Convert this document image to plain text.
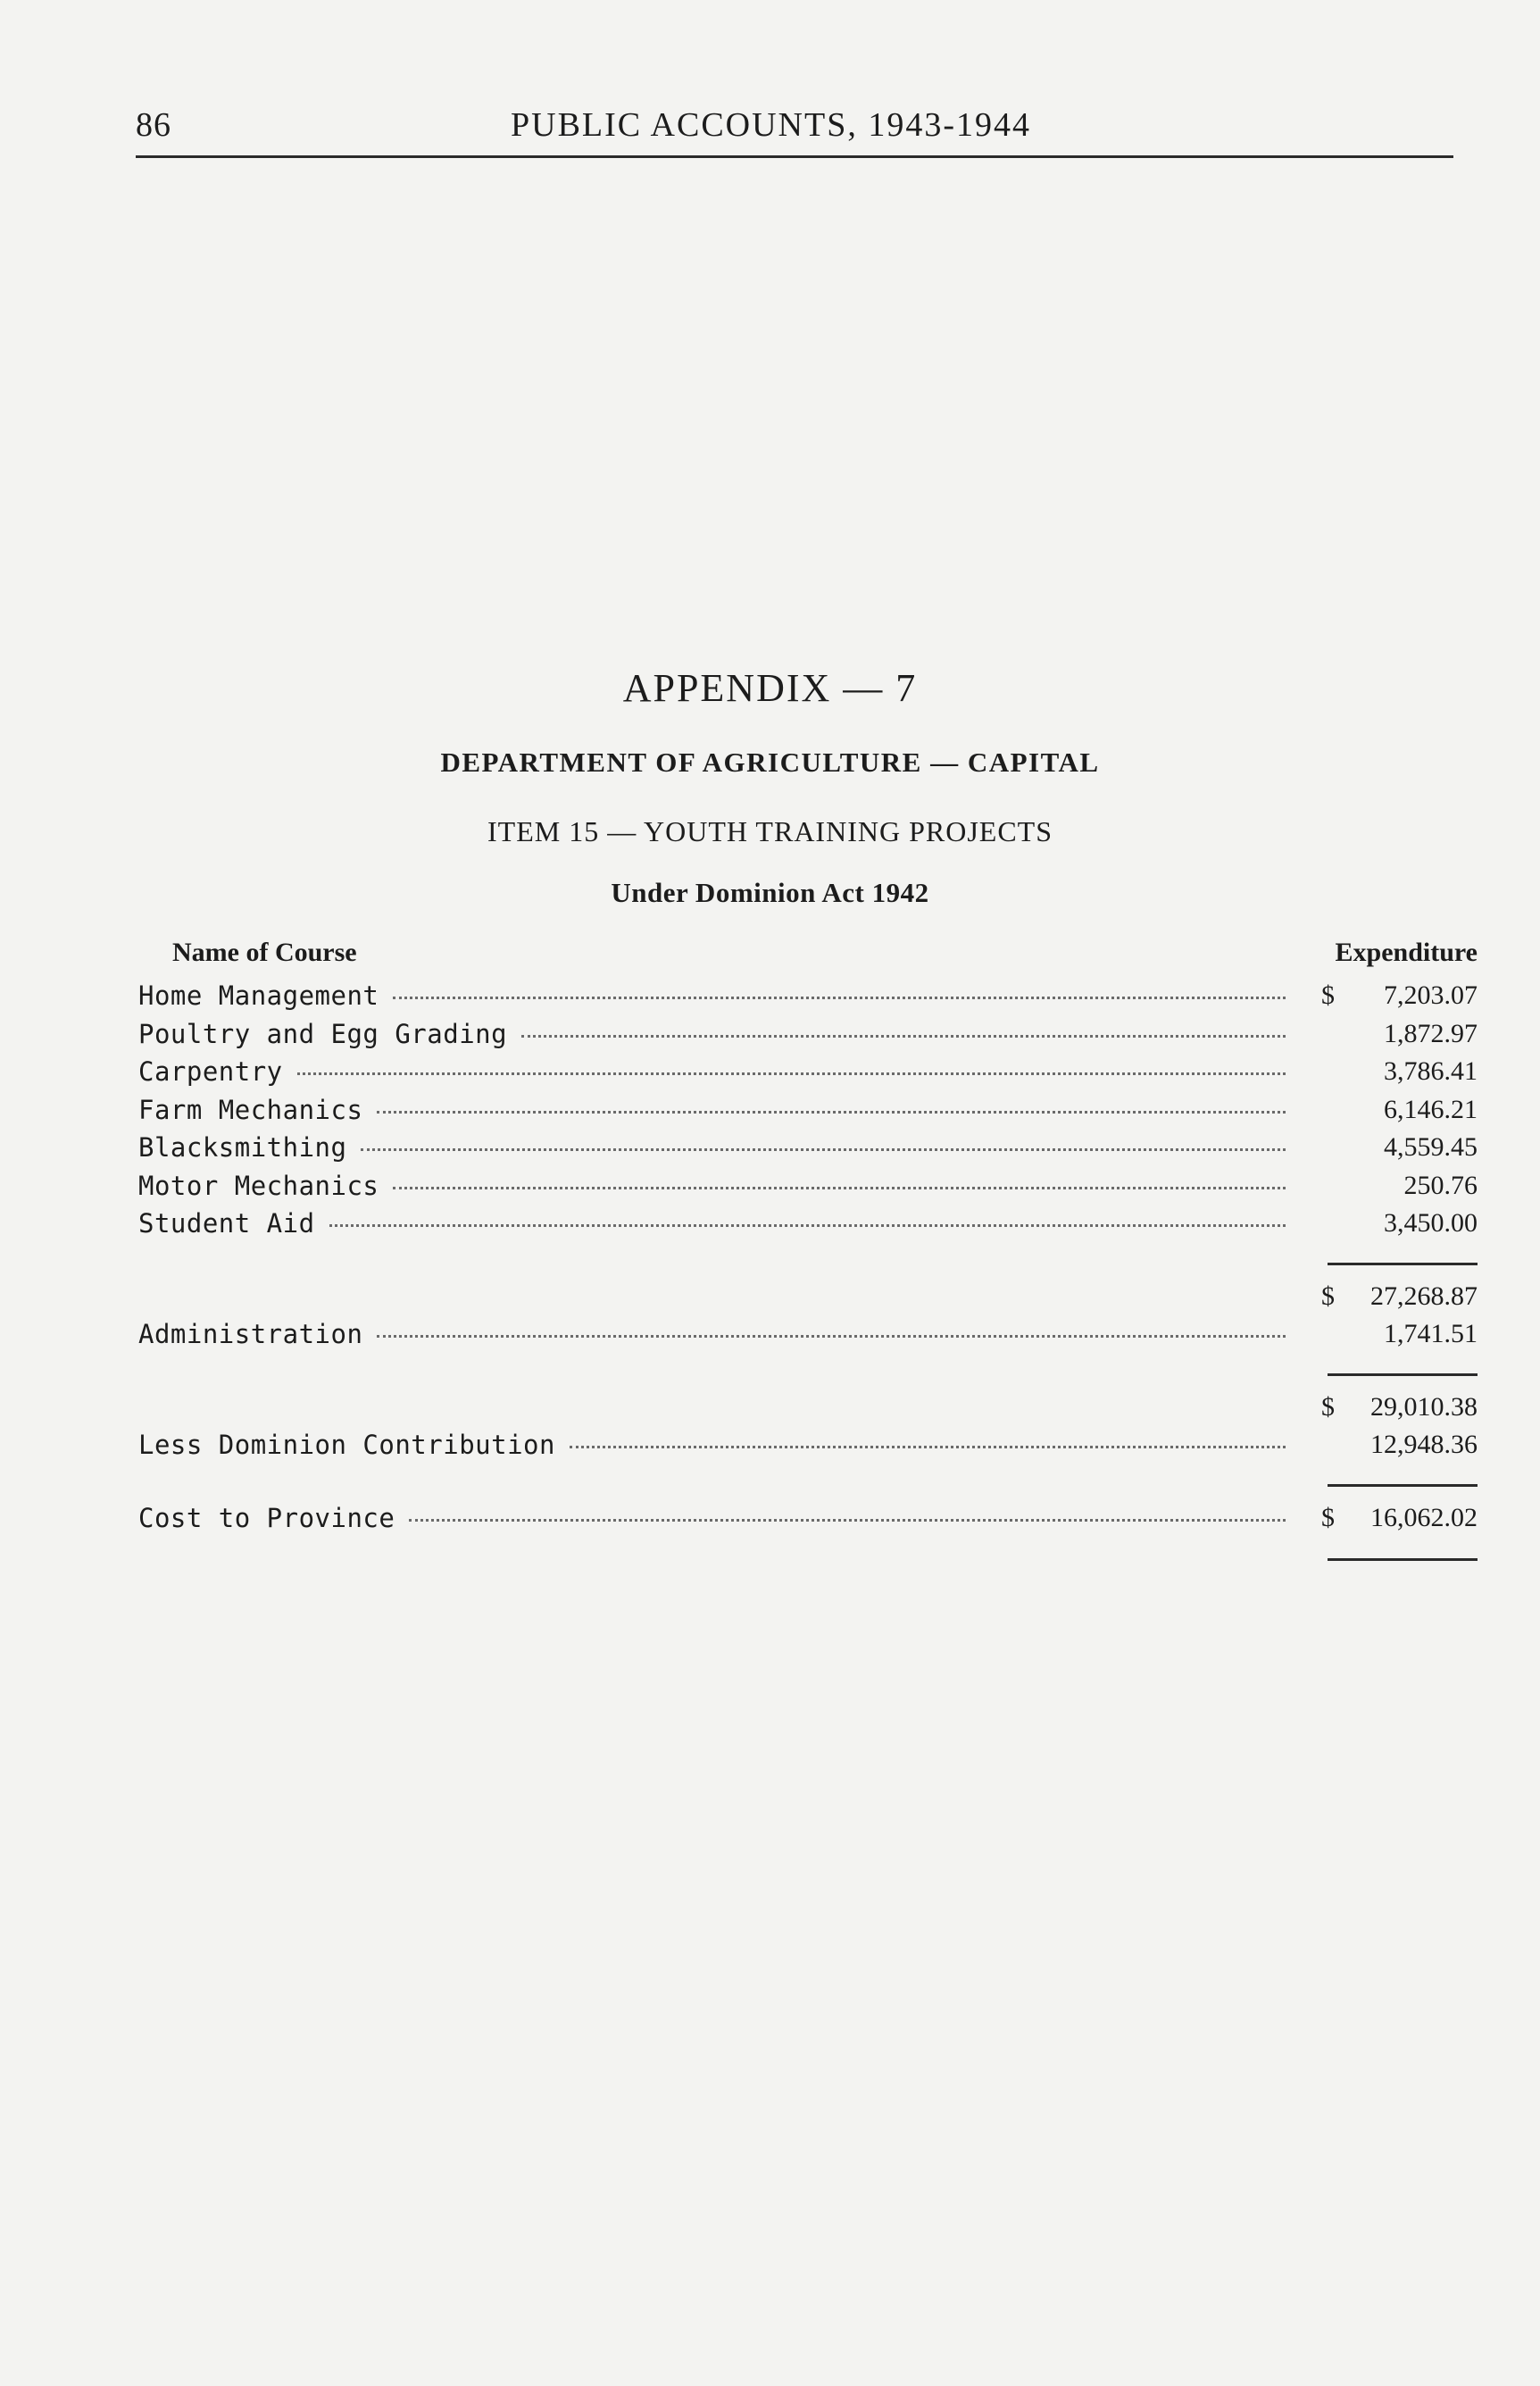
86	PUBLIC ACCOUNTS, 1943-1944
APPENDIX — 7
DEPARTMENT OF AGRICULTURE — CAPITAL
ITEM 15 — YOUTH TRAINING PROJECTS
Under Dominion Act 1942
Name of Course	Expenditure
Home Management	$ 7,203.07
Poultry and Egg Grading	1,872.97
Carpentry	3,786.41
Farm Mechanics	6,146.21
Blacksmithing	4,559.45
Motor Mechanics	250.76
Student Aid	3,450.00
$ 27,268.87
Administration	1,741.51
$ 29,010.38
Less Dominion Contribution	12,948.36
Cost to Province	$ 16,062.02
